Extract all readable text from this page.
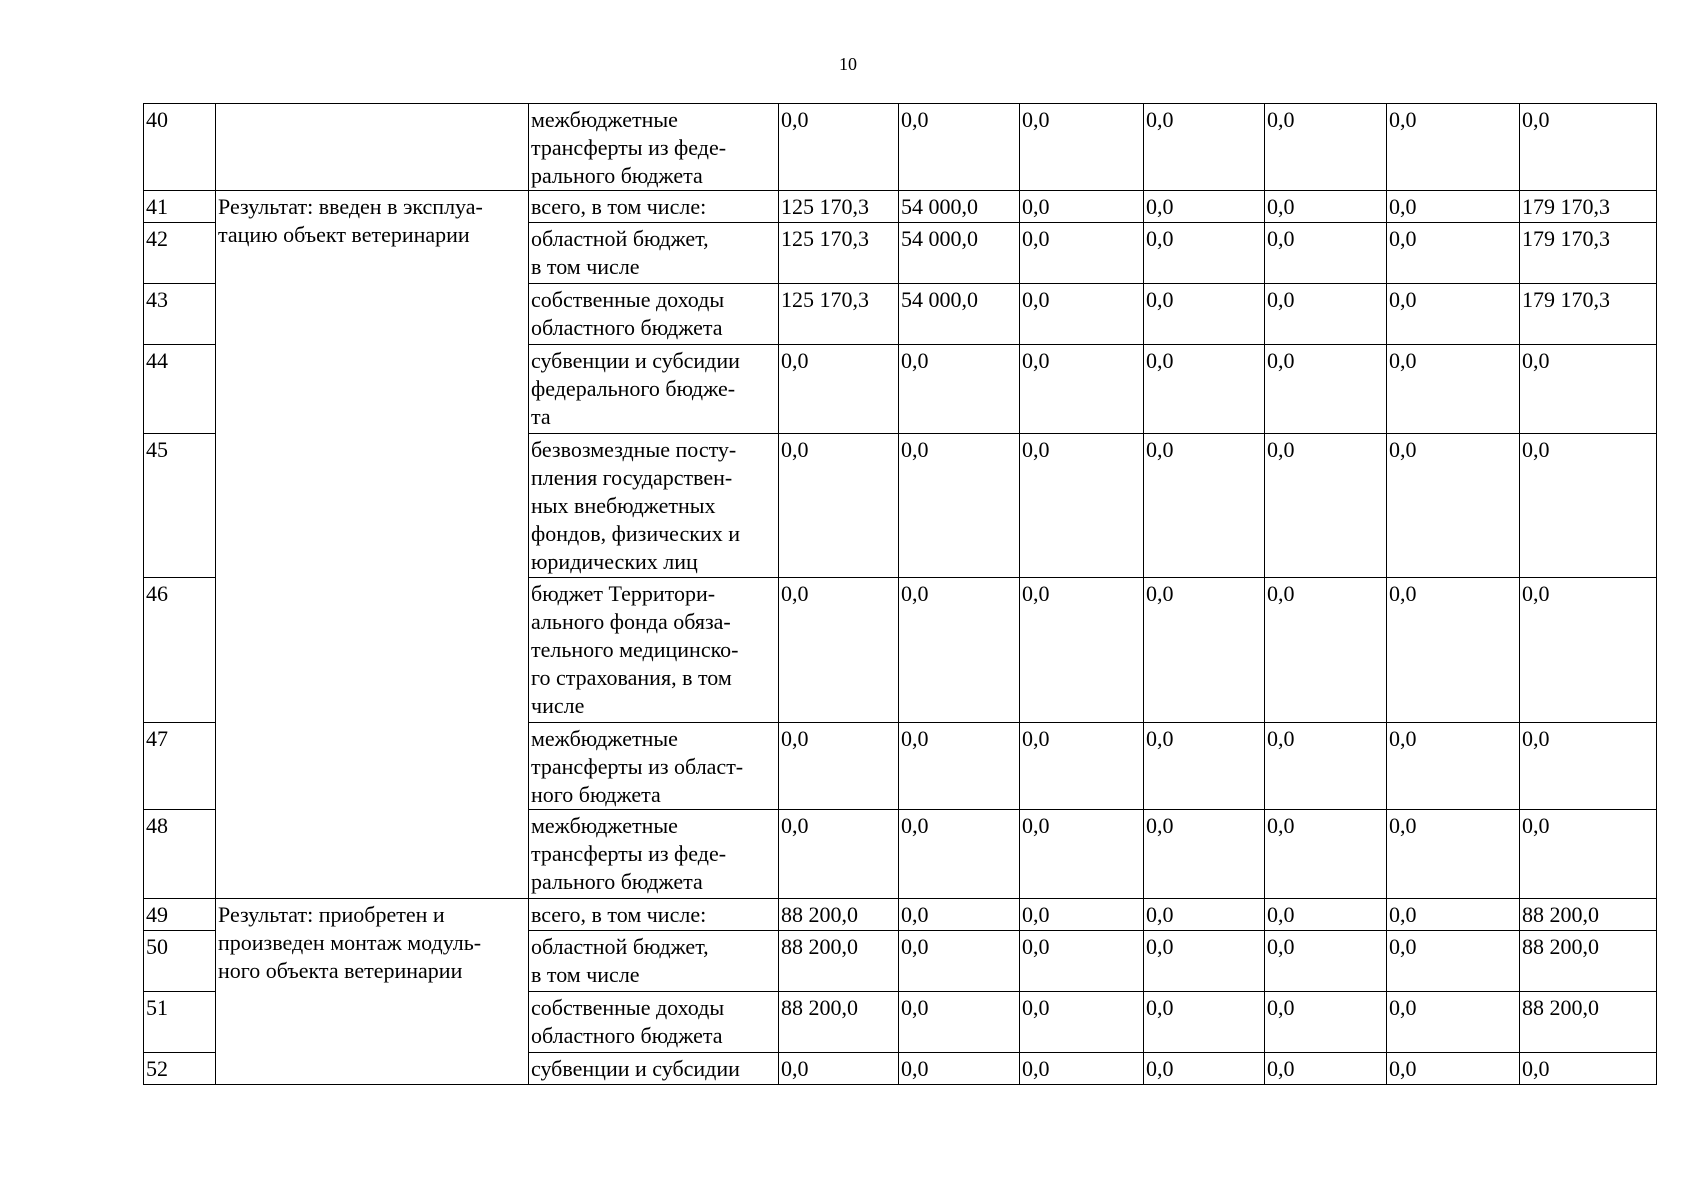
10
40		межбюджетные
трансферты из феде-
рального бюджета	0,0	0,0	0,0	0,0	0,0	0,0	0,0
41	Результат: введен в эксплуа-
тацию объект ветеринарии	всего, в том числе:	125 170,3	54 000,0	0,0	0,0	0,0	0,0	179 170,3
42		областной бюджет,
в том числе	125 170,3	54 000,0	0,0	0,0	0,0	0,0	179 170,3
43		собственные доходы
областного бюджета	125 170,3	54 000,0	0,0	0,0	0,0	0,0	179 170,3
44		субвенции и субсидии
федерального бюдже-
та	0,0	0,0	0,0	0,0	0,0	0,0	0,0
45		безвозмездные посту-
пления государствен-
ных внебюджетных
фондов, физических и
юридических лиц	0,0	0,0	0,0	0,0	0,0	0,0	0,0
46		бюджет Территори-
ального фонда обяза-
тельного медицинско-
го страхования, в том
числе	0,0	0,0	0,0	0,0	0,0	0,0	0,0
47		межбюджетные
трансферты из област-
ного бюджета	0,0	0,0	0,0	0,0	0,0	0,0	0,0
48		межбюджетные
трансферты из феде-
рального бюджета	0,0	0,0	0,0	0,0	0,0	0,0	0,0
49	Результат: приобретен и
произведен монтаж модуль-
ного объекта ветеринарии	всего, в том числе:	88 200,0	0,0	0,0	0,0	0,0	0,0	88 200,0
50		областной бюджет,
в том числе	88 200,0	0,0	0,0	0,0	0,0	0,0	88 200,0
51		собственные доходы
областного бюджета	88 200,0	0,0	0,0	0,0	0,0	0,0	88 200,0
52		субвенции и субсидии	0,0	0,0	0,0	0,0	0,0	0,0	0,0
